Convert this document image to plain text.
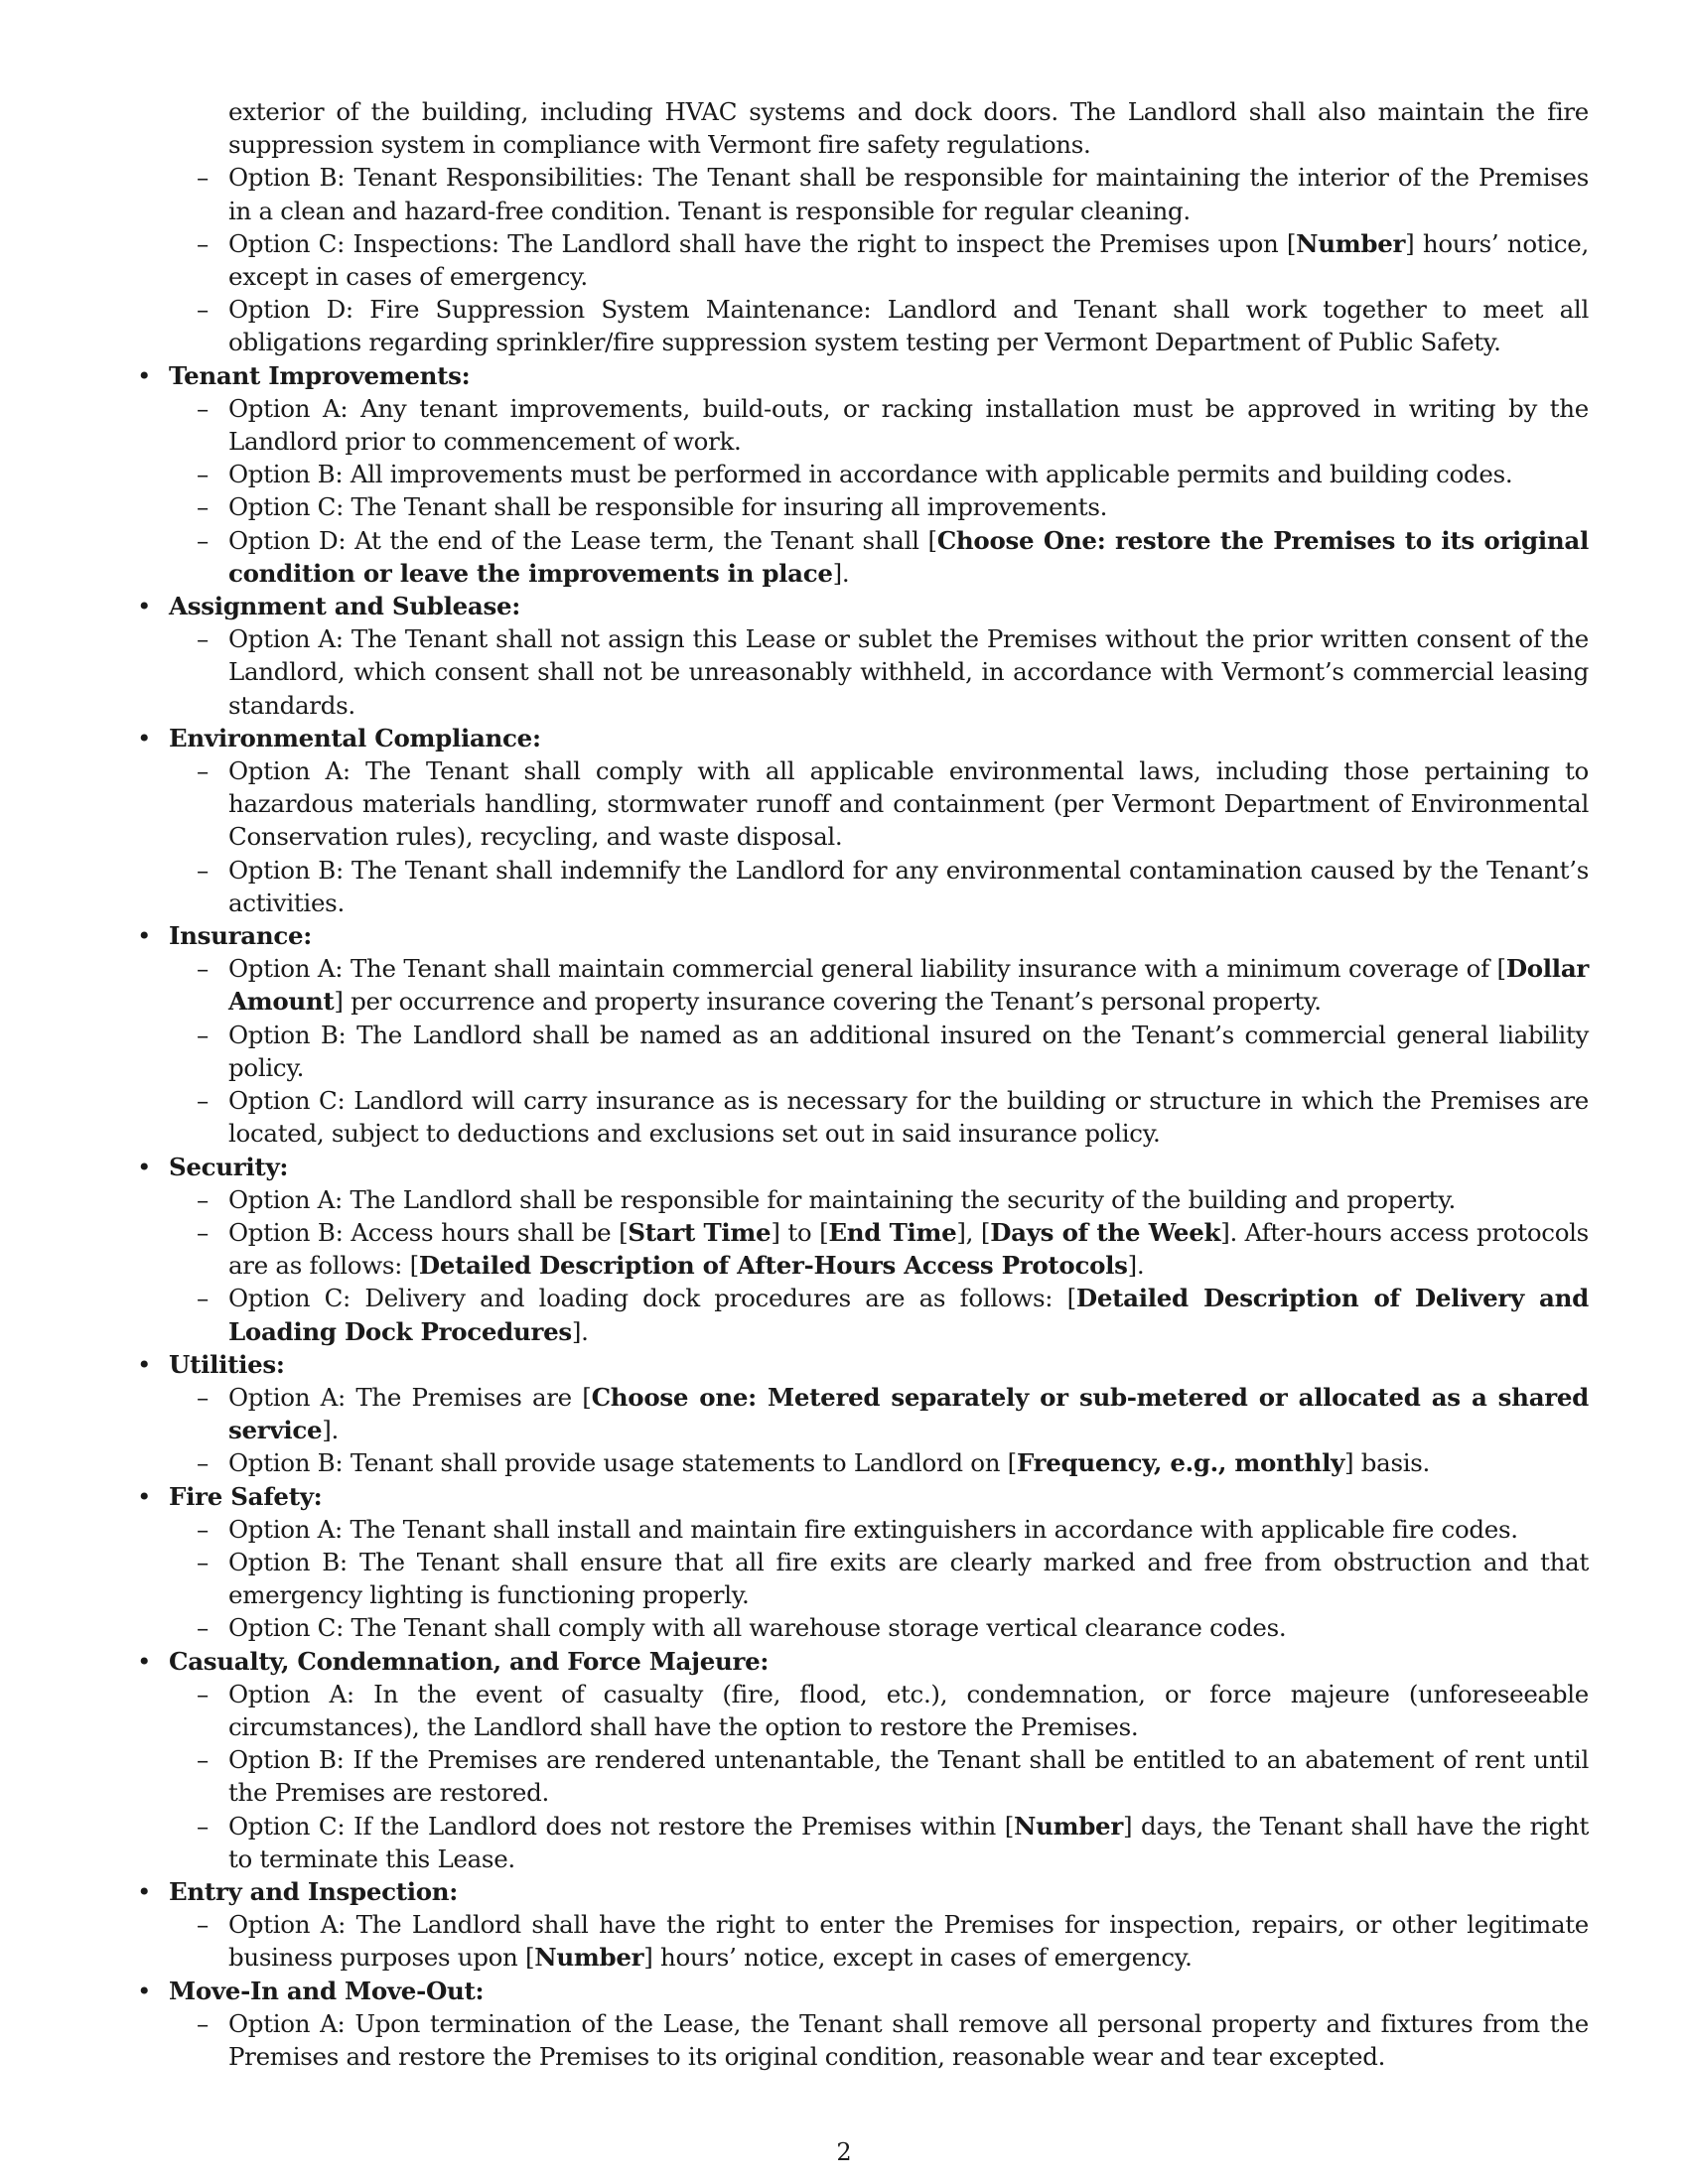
exterior of the building, including HVAC systems and dock doors. The Landlord shall also maintain the fire suppression system in compliance with Vermont fire safety regulations.
– Option B: Tenant Responsibilities: The Tenant shall be responsible for maintaining the interior of the Premises in a clean and hazard-free condition. Tenant is responsible for regular cleaning.
– Option C: Inspections: The Landlord shall have the right to inspect the Premises upon [Number] hours’ notice, except in cases of emergency.
– Option D: Fire Suppression System Maintenance: Landlord and Tenant shall work together to meet all obligations regarding sprinkler/fire suppression system testing per Vermont Department of Public Safety.
• Tenant Improvements:
– Option A: Any tenant improvements, build-outs, or racking installation must be approved in writing by the Landlord prior to commencement of work.
– Option B: All improvements must be performed in accordance with applicable permits and building codes.
– Option C: The Tenant shall be responsible for insuring all improvements.
– Option D: At the end of the Lease term, the Tenant shall [Choose One: restore the Premises to its original condition or leave the improvements in place].
• Assignment and Sublease:
– Option A: The Tenant shall not assign this Lease or sublet the Premises without the prior written consent of the Landlord, which consent shall not be unreasonably withheld, in accordance with Vermont’s commercial leasing standards.
• Environmental Compliance:
– Option A: The Tenant shall comply with all applicable environmental laws, including those pertaining to hazardous materials handling, stormwater runoff and containment (per Vermont Department of Environmental Conservation rules), recycling, and waste disposal.
– Option B: The Tenant shall indemnify the Landlord for any environmental contamination caused by the Tenant’s activities.
• Insurance:
– Option A: The Tenant shall maintain commercial general liability insurance with a minimum coverage of [Dollar Amount] per occurrence and property insurance covering the Tenant’s personal property.
– Option B: The Landlord shall be named as an additional insured on the Tenant’s commercial general liability policy.
– Option C: Landlord will carry insurance as is necessary for the building or structure in which the Premises are located, subject to deductions and exclusions set out in said insurance policy.
• Security:
– Option A: The Landlord shall be responsible for maintaining the security of the building and property.
– Option B: Access hours shall be [Start Time] to [End Time], [Days of the Week]. After-hours access protocols are as follows: [Detailed Description of After-Hours Access Protocols].
– Option C: Delivery and loading dock procedures are as follows: [Detailed Description of Delivery and Loading Dock Procedures].
• Utilities:
– Option A: The Premises are [Choose one: Metered separately or sub-metered or allocated as a shared service].
– Option B: Tenant shall provide usage statements to Landlord on [Frequency, e.g., monthly] basis.
• Fire Safety:
– Option A: The Tenant shall install and maintain fire extinguishers in accordance with applicable fire codes.
– Option B: The Tenant shall ensure that all fire exits are clearly marked and free from obstruction and that emergency lighting is functioning properly.
– Option C: The Tenant shall comply with all warehouse storage vertical clearance codes.
• Casualty, Condemnation, and Force Majeure:
– Option A: In the event of casualty (fire, flood, etc.), condemnation, or force majeure (unforeseeable circumstances), the Landlord shall have the option to restore the Premises.
– Option B: If the Premises are rendered untenantable, the Tenant shall be entitled to an abatement of rent until the Premises are restored.
– Option C: If the Landlord does not restore the Premises within [Number] days, the Tenant shall have the right to terminate this Lease.
• Entry and Inspection:
– Option A: The Landlord shall have the right to enter the Premises for inspection, repairs, or other legitimate business purposes upon [Number] hours’ notice, except in cases of emergency.
• Move-In and Move-Out:
– Option A: Upon termination of the Lease, the Tenant shall remove all personal property and fixtures from the Premises and restore the Premises to its original condition, reasonable wear and tear excepted.
2
